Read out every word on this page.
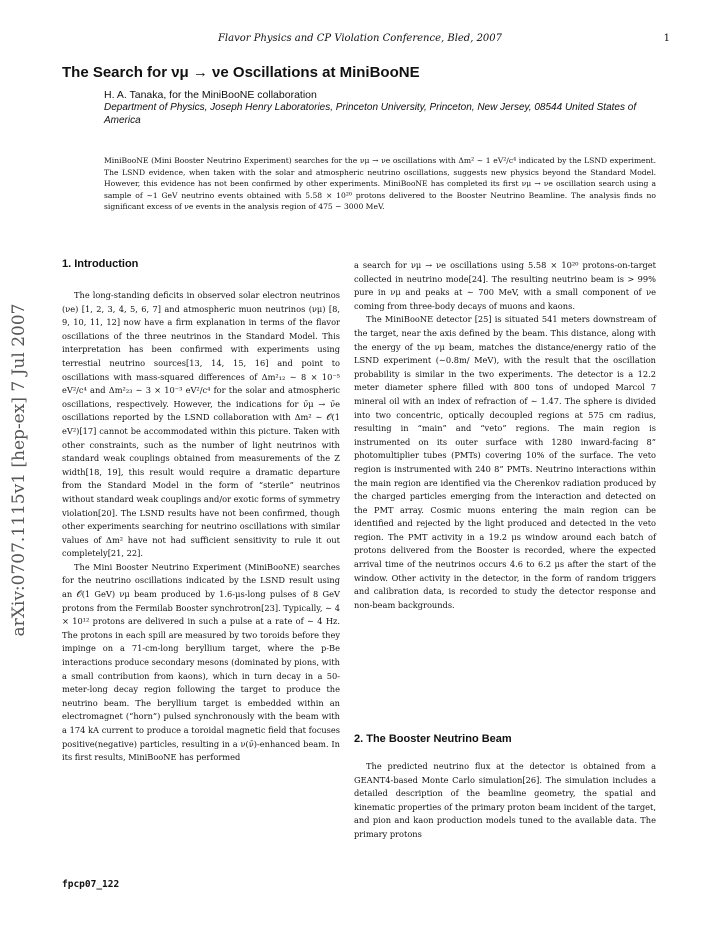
Flavor Physics and CP Violation Conference, Bled, 2007	1
The Search for νμ → νe Oscillations at MiniBooNE
H. A. Tanaka, for the MiniBooNE collaboration
Department of Physics, Joseph Henry Laboratories, Princeton University, Princeton, New Jersey, 08544 United States of America
MiniBooNE (Mini Booster Neutrino Experiment) searches for the νμ → νe oscillations with Δm² ∼ 1 eV²/c⁴ indicated by the LSND experiment. The LSND evidence, when taken with the solar and atmospheric neutrino oscillations, suggests new physics beyond the Standard Model. However, this evidence has not been confirmed by other experiments. MiniBooNE has completed its first νμ → νe oscillation search using a sample of ∼1 GeV neutrino events obtained with 5.58 × 10²⁰ protons delivered to the Booster Neutrino Beamline. The analysis finds no significant excess of νe events in the analysis region of 475 − 3000 MeV.
arXiv:0707.1115v1 [hep-ex] 7 Jul 2007
1. Introduction

The long-standing deficits in observed solar electron neutrinos (νe) [1, 2, 3, 4, 5, 6, 7] and atmospheric muon neutrinos (νμ) [8, 9, 10, 11, 12] now have a firm explanation in terms of the flavor oscillations of the three neutrinos in the Standard Model. This interpretation has been confirmed with experiments using terrestial neutrino sources[13, 14, 15, 16] and point to oscillations with mass-squared differences of Δm²₁₂ ∼ 8 × 10⁻⁵ eV²/c⁴ and Δm²₂₃ ∼ 3 × 10⁻³ eV²/c⁴ for the solar and atmospheric oscillations, respectively. However, the indications for ν̄μ → ν̄e oscillations reported by the LSND collaboration with Δm² ∼ 𝒪(1 eV²)[17] cannot be accommodated within this picture. Taken with other constraints, such as the number of light neutrinos with standard weak couplings obtained from measurements of the Z width[18, 19], this result would require a dramatic departure from the Standard Model in the form of “sterile” neutrinos without standard weak couplings and/or exotic forms of symmetry violation[20]. The LSND results have not been confirmed, though other experiments searching for neutrino oscillations with similar values of Δm² have not had sufficient sensitivity to rule it out completely[21, 22].

The Mini Booster Neutrino Experiment (MiniBooNE) searches for the neutrino oscillations indicated by the LSND result using an 𝒪(1 GeV) νμ beam produced by 1.6-μs-long pulses of 8 GeV protons from the Fermilab Booster synchrotron[23]. Typically, ∼ 4 × 10¹² protons are delivered in such a pulse at a rate of ∼ 4 Hz. The protons in each spill are measured by two toroids before they impinge on a 71-cm-long beryllium target, where the p-Be interactions produce secondary mesons (dominated by pions, with a small contribution from kaons), which in turn decay in a 50-meter-long decay region following the target to produce the neutrino beam. The beryllium target is embedded within an electromagnet (“horn”) pulsed synchronously with the beam with a 174 kA current to produce a toroidal magnetic field that focuses positive(negative) particles, resulting in a ν(ν̄)-enhanced beam. In its first results, MiniBooNE has performed

a search for νμ → νe oscillations using 5.58 × 10²⁰ protons-on-target collected in neutrino mode[24]. The resulting neutrino beam is > 99% pure in νμ and peaks at ∼ 700 MeV, with a small component of νe coming from three-body decays of muons and kaons.

The MiniBooNE detector [25] is situated 541 meters downstream of the target, near the axis defined by the beam. This distance, along with the energy of the νμ beam, matches the distance/energy ratio of the LSND experiment (∼0.8m/ MeV), with the result that the oscillation probability is similar in the two experiments. The detector is a 12.2 meter diameter sphere filled with 800 tons of undoped Marcol 7 mineral oil with an index of refraction of ∼ 1.47. The sphere is divided into two concentric, optically decoupled regions at 575 cm radius, resulting in “main” and “veto” regions. The main region is instrumented on its outer surface with 1280 inward-facing 8” photomultiplier tubes (PMTs) covering 10% of the surface. The veto region is instrumented with 240 8” PMTs. Neutrino interactions within the main region are identified via the Cherenkov radiation produced by the charged particles emerging from the interaction and detected on the PMT array. Cosmic muons entering the main region can be identified and rejected by the light produced and detected in the veto region. The PMT activity in a 19.2 μs window around each batch of protons delivered from the Booster is recorded, where the expected arrival time of the neutrinos occurs 4.6 to 6.2 μs after the start of the window. Other activity in the detector, in the form of random triggers and calibration data, is recorded to study the detector response and non-beam backgrounds.

2. The Booster Neutrino Beam

The predicted neutrino flux at the detector is obtained from a GEANT4-based Monte Carlo simulation[26]. The simulation includes a detailed description of the beamline geometry, the spatial and kinematic properties of the primary proton beam incident of the target, and pion and kaon production models tuned to the available data. The primary protons

fpcp07_122
